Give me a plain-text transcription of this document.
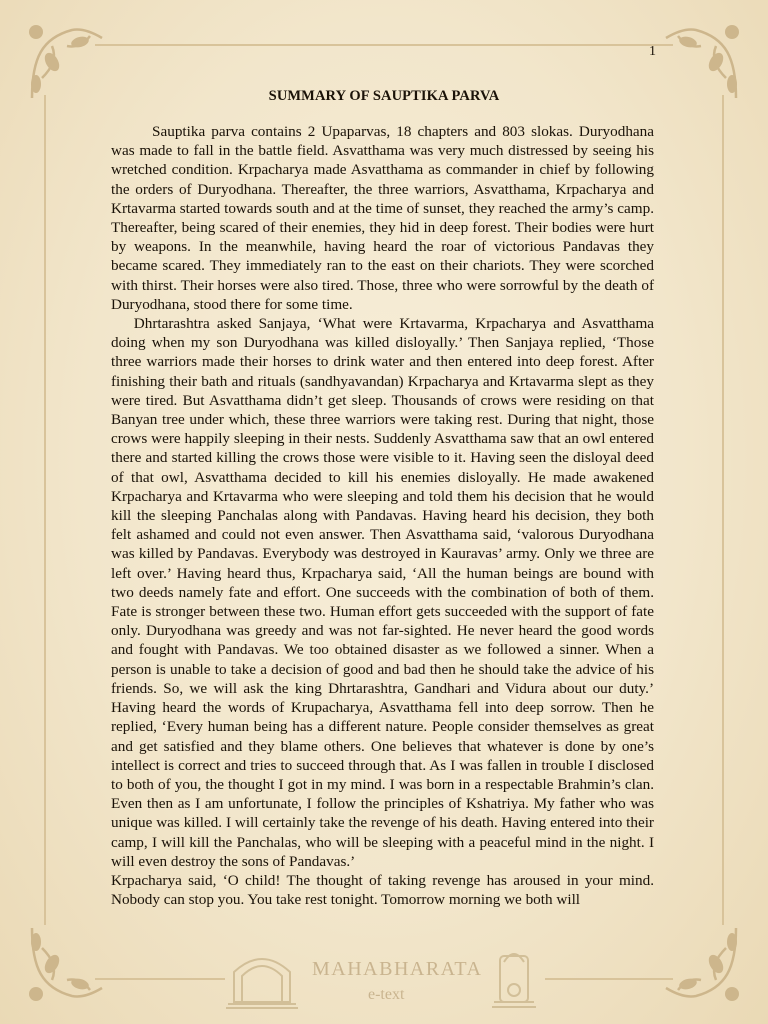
1
SUMMARY OF SAUPTIKA PARVA

Sauptika parva contains 2 Upaparvas, 18 chapters and 803 slokas. Duryodhana was made to fall in the battle field. Asvatthama was very much distressed by seeing his wretched condition. Krpacharya made Asvatthama as commander in chief by following the orders of Duryodhana. Thereafter, the three warriors, Asvatthama, Krpacharya and Krtavarma started towards south and at the time of sunset, they reached the army’s camp. Thereafter, being scared of their enemies, they hid in deep forest. Their bodies were hurt by weapons. In the meanwhile, having heard the roar of victorious Pandavas they became scared. They immediately ran to the east on their chariots. They were scorched with thirst. Their horses were also tired. Those, three who were sorrowful by the death of Duryodhana, stood there for some time.

Dhrtarashtra asked Sanjaya, ‘What were Krtavarma, Krpacharya and Asvatthama doing when my son Duryodhana was killed disloyally.’ Then Sanjaya replied, ‘Those three warriors made their horses to drink water and then entered into deep forest. After finishing their bath and rituals (sandhyavandan) Krpacharya and Krtavarma slept as they were tired. But Asvatthama didn’t get sleep. Thousands of crows were residing on that Banyan tree under which, these three warriors were taking rest. During that night, those crows were happily sleeping in their nests. Suddenly Asvatthama saw that an owl entered there and started killing the crows those were visible to it. Having seen the disloyal deed of that owl, Asvatthama decided to kill his enemies disloyally. He made awakened Krpacharya and Krtavarma who were sleeping and told them his decision that he would kill the sleeping Panchalas along with Pandavas. Having heard his decision, they both felt ashamed and could not even answer. Then Asvatthama said, ‘valorous Duryodhana was killed by Pandavas. Everybody was destroyed in Kauravas’ army. Only we three are left over.’ Having heard thus, Krpacharya said, ‘All the human beings are bound with two deeds namely fate and effort. One succeeds with the combination of both of them. Fate is stronger between these two. Human effort gets succeeded with the support of fate only. Duryodhana was greedy and was not far-sighted. He never heard the good words and fought with Pandavas. We too obtained disaster as we followed a sinner. When a person is unable to take a decision of good and bad then he should take the advice of his friends. So, we will ask the king Dhrtarashtra, Gandhari and Vidura about our duty.’ Having heard the words of Krupacharya, Asvatthama fell into deep sorrow. Then he replied, ‘Every human being has a different nature. People consider themselves as great and get satisfied and they blame others. One believes that whatever is done by one’s intellect is correct and tries to succeed through that. As I was fallen in trouble I disclosed to both of you, the thought I got in my mind. I was born in a respectable Brahmin’s clan. Even then as I am unfortunate, I follow the principles of Kshatriya. My father who was unique was killed. I will certainly take the revenge of his death. Having entered into their camp, I will kill the Panchalas, who will be sleeping with a peaceful mind in the night. I will even destroy the sons of Pandavas.’

Krpacharya said, ‘O child! The thought of taking revenge has aroused in your mind. Nobody can stop you. You take rest tonight. Tomorrow morning we both will

MAHABHARATA
e-text
